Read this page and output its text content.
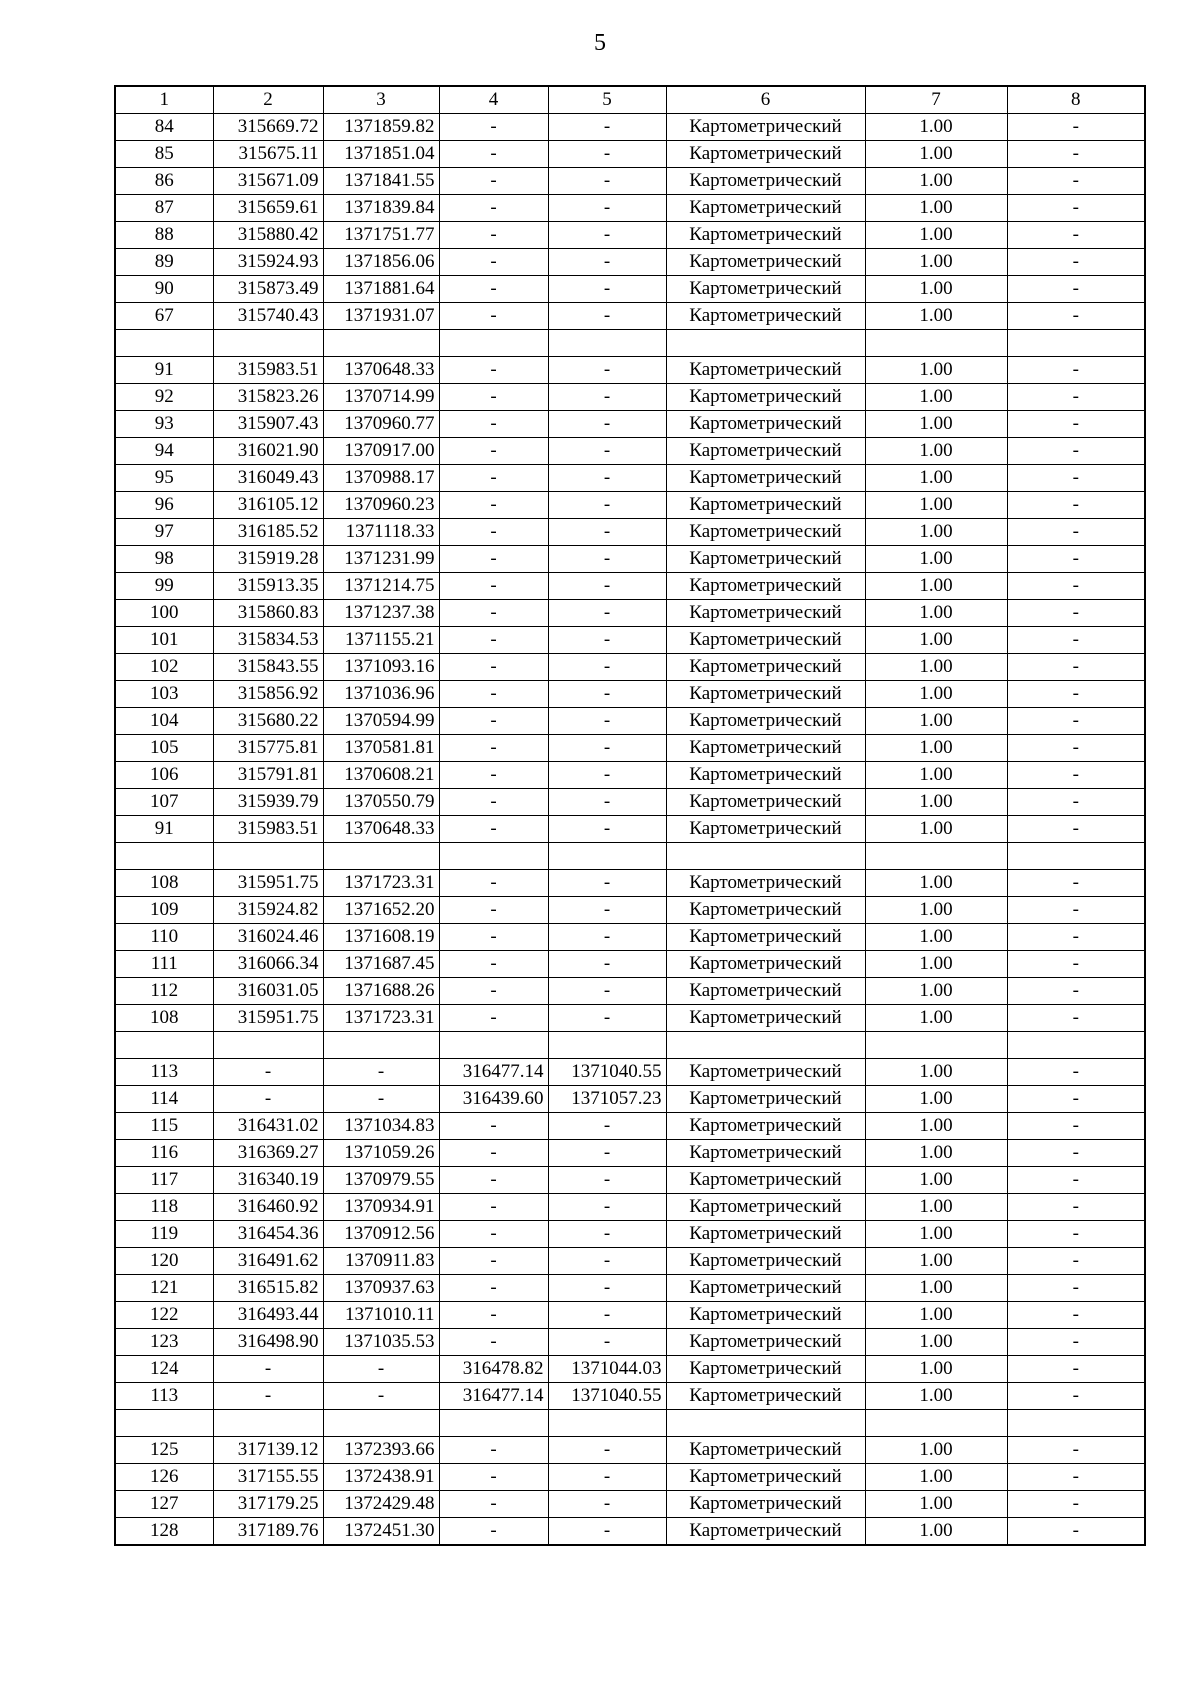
5
1	2	3	4	5	6	7	8
84	315669.72	1371859.82	-	-	Картометрический	1.00	-
85	315675.11	1371851.04	-	-	Картометрический	1.00	-
86	315671.09	1371841.55	-	-	Картометрический	1.00	-
87	315659.61	1371839.84	-	-	Картометрический	1.00	-
88	315880.42	1371751.77	-	-	Картометрический	1.00	-
89	315924.93	1371856.06	-	-	Картометрический	1.00	-
90	315873.49	1371881.64	-	-	Картометрический	1.00	-
67	315740.43	1371931.07	-	-	Картометрический	1.00	-

91	315983.51	1370648.33	-	-	Картометрический	1.00	-
92	315823.26	1370714.99	-	-	Картометрический	1.00	-
93	315907.43	1370960.77	-	-	Картометрический	1.00	-
94	316021.90	1370917.00	-	-	Картометрический	1.00	-
95	316049.43	1370988.17	-	-	Картометрический	1.00	-
96	316105.12	1370960.23	-	-	Картометрический	1.00	-
97	316185.52	1371118.33	-	-	Картометрический	1.00	-
98	315919.28	1371231.99	-	-	Картометрический	1.00	-
99	315913.35	1371214.75	-	-	Картометрический	1.00	-
100	315860.83	1371237.38	-	-	Картометрический	1.00	-
101	315834.53	1371155.21	-	-	Картометрический	1.00	-
102	315843.55	1371093.16	-	-	Картометрический	1.00	-
103	315856.92	1371036.96	-	-	Картометрический	1.00	-
104	315680.22	1370594.99	-	-	Картометрический	1.00	-
105	315775.81	1370581.81	-	-	Картометрический	1.00	-
106	315791.81	1370608.21	-	-	Картометрический	1.00	-
107	315939.79	1370550.79	-	-	Картометрический	1.00	-
91	315983.51	1370648.33	-	-	Картометрический	1.00	-

108	315951.75	1371723.31	-	-	Картометрический	1.00	-
109	315924.82	1371652.20	-	-	Картометрический	1.00	-
110	316024.46	1371608.19	-	-	Картометрический	1.00	-
111	316066.34	1371687.45	-	-	Картометрический	1.00	-
112	316031.05	1371688.26	-	-	Картометрический	1.00	-
108	315951.75	1371723.31	-	-	Картометрический	1.00	-

113	-	-	316477.14	1371040.55	Картометрический	1.00	-
114	-	-	316439.60	1371057.23	Картометрический	1.00	-
115	316431.02	1371034.83	-	-	Картометрический	1.00	-
116	316369.27	1371059.26	-	-	Картометрический	1.00	-
117	316340.19	1370979.55	-	-	Картометрический	1.00	-
118	316460.92	1370934.91	-	-	Картометрический	1.00	-
119	316454.36	1370912.56	-	-	Картометрический	1.00	-
120	316491.62	1370911.83	-	-	Картометрический	1.00	-
121	316515.82	1370937.63	-	-	Картометрический	1.00	-
122	316493.44	1371010.11	-	-	Картометрический	1.00	-
123	316498.90	1371035.53	-	-	Картометрический	1.00	-
124	-	-	316478.82	1371044.03	Картометрический	1.00	-
113	-	-	316477.14	1371040.55	Картометрический	1.00	-

125	317139.12	1372393.66	-	-	Картометрический	1.00	-
126	317155.55	1372438.91	-	-	Картометрический	1.00	-
127	317179.25	1372429.48	-	-	Картометрический	1.00	-
128	317189.76	1372451.30	-	-	Картометрический	1.00	-
